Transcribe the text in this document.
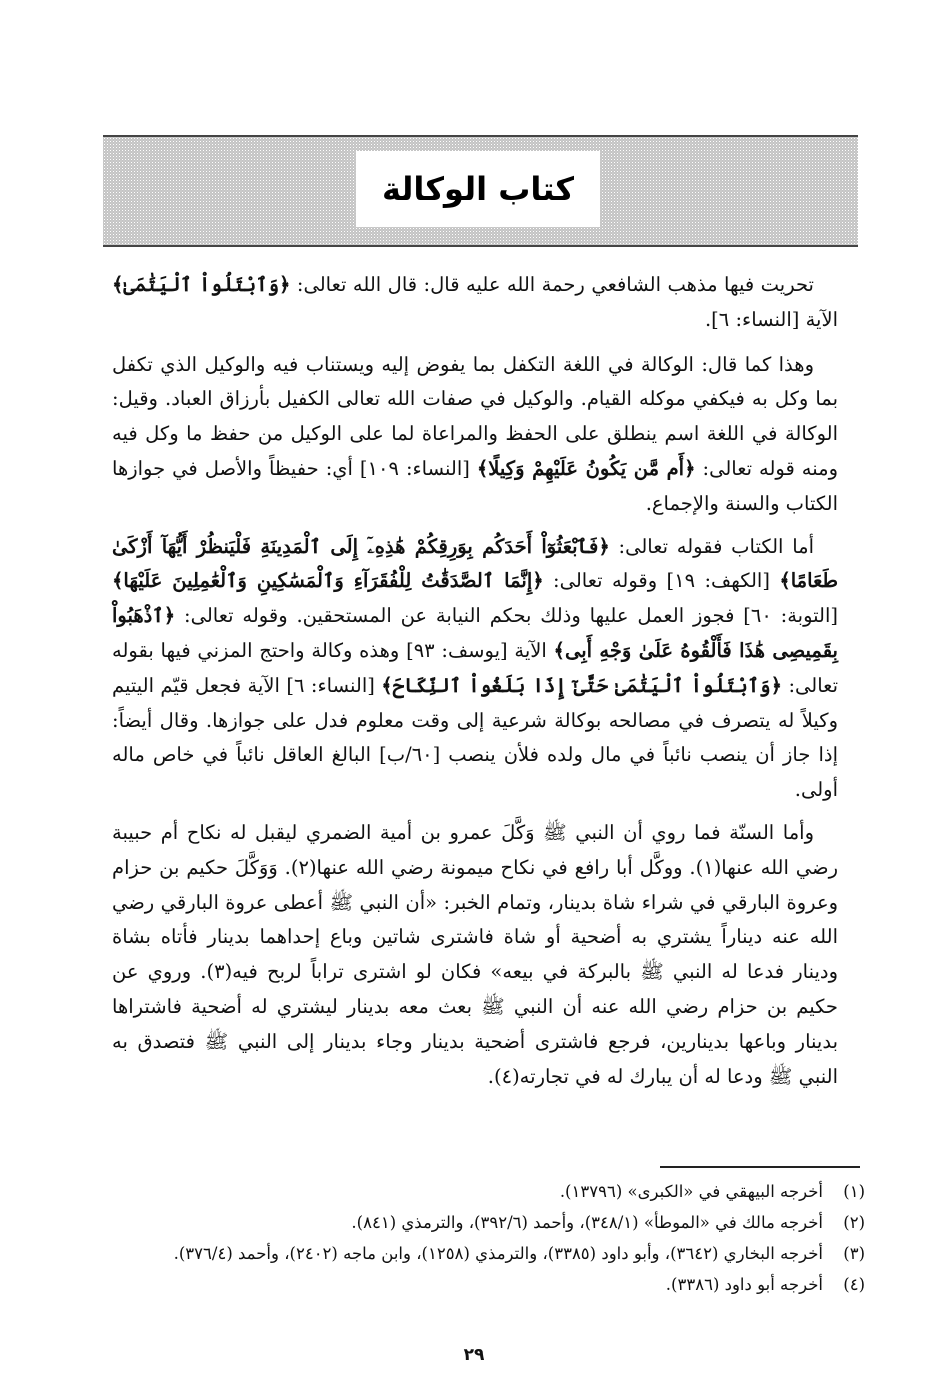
كتاب الوكالة

تحريت فيها مذهب الشافعي رحمة الله عليه قال: قال الله تعالى: ﴿وَٱبْتَلُواْ ٱلْيَتَٰمَىٰ﴾ الآية [النساء: ٦].

وهذا كما قال: الوكالة في اللغة التكفل بما يفوض إليه ويستناب فيه والوكيل الذي تكفل بما وكل به فيكفي موكله القيام. والوكيل في صفات الله تعالى الكفيل بأرزاق العباد. وقيل: الوكالة في اللغة اسم ينطلق على الحفظ والمراعاة لما على الوكيل من حفظ ما وكل فيه ومنه قوله تعالى: ﴿أَم مَّن يَكُونُ عَلَيْهِمْ وَكِيلًا﴾ [النساء: ١٠٩] أي: حفيظاً والأصل في جوازها الكتاب والسنة والإجماع.

أما الكتاب فقوله تعالى: ﴿فَٱبْعَثُوٓاْ أَحَدَكُم بِوَرِقِكُمْ هَٰذِهِۦٓ إِلَى ٱلْمَدِينَةِ فَلْيَنظُرْ أَيُّهَآ أَزْكَىٰ طَعَامًا﴾ [الكهف: ١٩] وقوله تعالى: ﴿إِنَّمَا ٱلصَّدَقَٰتُ لِلْفُقَرَآءِ وَٱلْمَسَٰكِينِ وَٱلْعَٰمِلِينَ عَلَيْهَا﴾ [التوبة: ٦٠] فجوز العمل عليها وذلك بحكم النيابة عن المستحقين. وقوله تعالى: ﴿ٱذْهَبُواْ بِقَمِيصِى هَٰذَا فَأَلْقُوهُ عَلَىٰ وَجْهِ أَبِى﴾ الآية [يوسف: ٩٣] وهذه وكالة واحتج المزني فيها بقوله تعالى: ﴿وَٱبْتَلُواْ ٱلْيَتَٰمَىٰ حَتَّىٰٓ إِذَا بَلَغُواْ ٱلنِّكَاحَ﴾ [النساء: ٦] الآية فجعل قيّم اليتيم وكيلاً له يتصرف في مصالحه بوكالة شرعية إلى وقت معلوم فدل على جوازها. وقال أيضاً: إذا جاز أن ينصب نائباً في مال ولده فلأن ينصب [٦٠/ب] البالغ العاقل نائباً في خاص ماله أولى.

وأما السنّة فما روي أن النبي ﷺ وَكَّلَ عمرو بن أمية الضمري ليقبل له نكاح أم حبيبة رضي الله عنها(١). ووكَّل أبا رافع في نكاح ميمونة رضي الله عنها(٢). وَوَكَّلَ حكيم بن حزام وعروة البارقي في شراء شاة بدينار، وتمام الخبر: «أن النبي ﷺ أعطى عروة البارقي رضي الله عنه ديناراً يشتري به أضحية أو شاة فاشترى شاتين وباع إحداهما بدينار فأتاه بشاة ودينار فدعا له النبي ﷺ بالبركة في بيعه» فكان لو اشترى تراباً لربح فيه(٣). وروي عن حكيم بن حزام رضي الله عنه أن النبي ﷺ بعث معه بدينار ليشتري له أضحية فاشتراها بدينار وباعها بدينارين، فرجع فاشترى أضحية بدينار وجاء بدينار إلى النبي ﷺ فتصدق به النبي ﷺ ودعا له أن يبارك له في تجارته(٤).

(١)
أخرجه البيهقي في «الكبرى» (١٣٧٩٦).
(٢)
أخرجه مالك في «الموطأ» (٣٤٨/١)، وأحمد (٣٩٢/٦)، والترمذي (٨٤١).
(٣)
أخرجه البخاري (٣٦٤٢)، وأبو داود (٣٣٨٥)، والترمذي (١٢٥٨)، وابن ماجه (٢٤٠٢)، وأحمد (٣٧٦/٤).
(٤)
أخرجه أبو داود (٣٣٨٦).
٢٩
